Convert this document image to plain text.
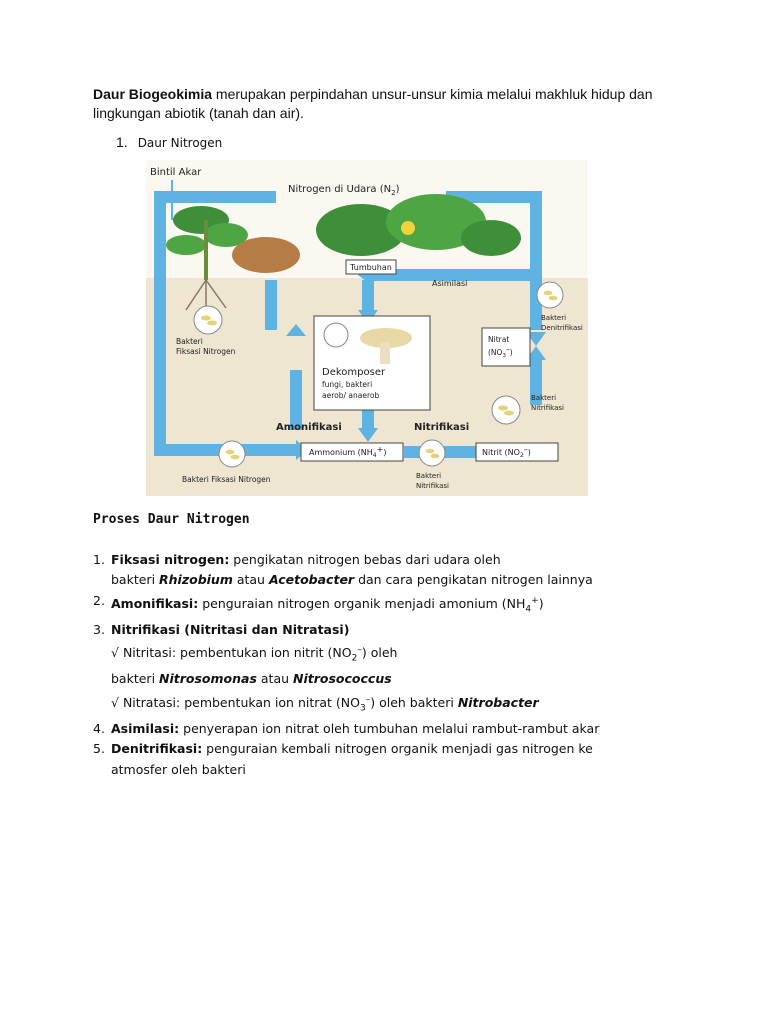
Daur Biogeokimia merupakan perpindahan unsur-unsur kimia melalui makhluk hidup dan lingkungan abiotik (tanah dan air).
1. Daur Nitrogen
Bintil Akar
Nitrogen di Udara $(N_2)$
Tumbuhan
Asimilasi
Bakteri
Fiksasi Nitrogen
Dekomposer
fungi, bakteri
aerob/ anaerob
Nitrat
$(NO_3-)$
Bakteri
Denitrifikasi
Bakteri
Nitrifikasi
Amonifikasi	Nitrifikasi
Ammonium $(NH_4+)$
Bakteri
Nitrifikasi
Nitrit $(NO_2-)$
Bakteri Fiksasi Nitrogen
Proses Daur Nitrogen
1. Fiksasi nitrogen: pengikatan nitrogen bebas dari udara oleh
bakteri Rhizobium atau Acetobacter dan cara pengikatan nitrogen lainnya
2. Amonifikasi: penguraian nitrogen organik menjadi amonium $(NH_4^+)$
3. Nitrifikasi (Nitritasi dan Nitratasi)
√ Nitritasi: pembentukan ion nitrit $(NO_2^-)$ oleh
bakteri Nitrosomonas atau Nitrosococcus
√ Nitratasi: pembentukan ion nitrat $(NO_3^-)$ oleh bakteri Nitrobacter
4. Asimilasi: penyerapan ion nitrat oleh tumbuhan melalui rambut-rambut akar
5. Denitrifikasi: penguraian kembali nitrogen organik menjadi gas nitrogen ke
atmosfer oleh bakteri
